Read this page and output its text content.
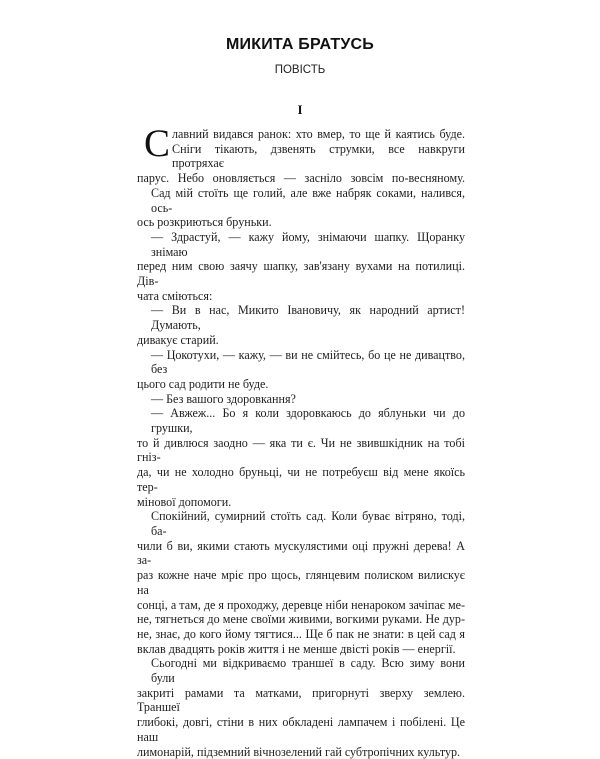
МИКИТА БРАТУСЬ
ПОВІСТЬ
I
С лавний видався ранок: хто вмер, то ще й каятись буде.
Сніги тікають, дзвенять струмки, все навкруги протряхає
парус. Небо оновляється — заснiло зовсім по-весняному.
Сад мій стоїть ще голий, але вже набряк соками, налився, ось-
ось розкриються бруньки.
— Здрастуй, — кажу йому, знімаючи шапку. Щоранку знімаю
перед ним свою заячу шапку, зав'язану вухами на потилиці. Дів-
чата сміються:
— Ви в нас, Микито Івановичу, як народний артист! Думають,
дивакує старий.
— Цокотухи, — кажу, — ви не смійтесь, бо це не дивацтво, без
цього сад родити не буде.
— Без вашого здоровкання?
— Авжеж... Бо я коли здоровкаюсь до яблуньки чи до грушки,
то й дивлюся заодно — яка ти є. Чи не звившкідник на тобі гніз-
да, чи не холодно бруньці, чи не потребуєш від мене якоїсь тер-
мінової допомоги.
Спокійний, сумирний стоїть сад. Коли буває вітряно, тоді, ба-
чили б ви, якими стають мускулястими оці пружні дерева! А за-
раз кожне наче мріє про щось, глянцевим полиском вилискує на
сонці, а там, де я проходжу, деревце ніби ненароком зачіпає ме-
не, тягнеться до мене своїми живими, вогкими руками. Не дур-
не, знає, до кого йому тягтися... Ще б пак не знати: в цей сад я
вклав двадцять років життя і не менше двісті років — енергії.
Сьогодні ми відкриваємо траншеї в саду. Всю зиму вони були
закриті рамами та матками, пригорнуті зверху землею. Траншеї
глибокі, довгі, стіни в них обкладені лампачем і побілені. Це наш
лимонарій, підземний вічнозелений гай субтропічних культур.
